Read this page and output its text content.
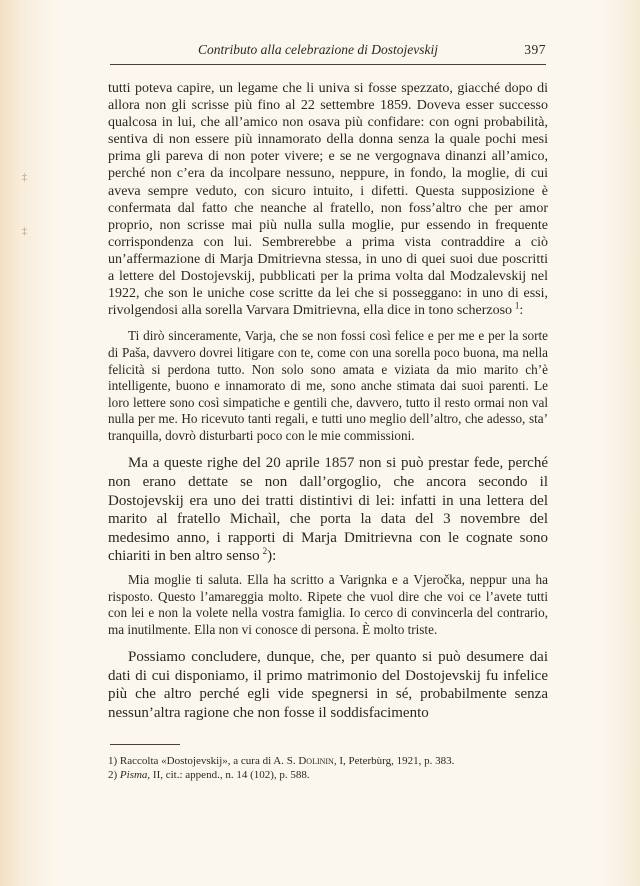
‡
‡
Contributo alla celebrazione di Dostojevskij	397

tutti poteva capire, un legame che li univa si fosse spezzato, giacché dopo di allora non gli scrisse più fino al 22 settembre 1859. Doveva esser successo qualcosa in lui, che all’amico non osava più confidare: con ogni probabilità, sentiva di non essere più innamorato della donna senza la quale pochi mesi prima gli pareva di non poter vivere; e se ne vergognava dinanzi all’amico, perché non c’era da incolpare nessuno, neppure, in fondo, la moglie, di cui aveva sempre veduto, con sicuro intuito, i difetti. Questa supposizione è confermata dal fatto che neanche al fratello, non foss’altro che per amor proprio, non scrisse mai più nulla sulla moglie, pur essendo in frequente corrispondenza con lui. Sembrerebbe a prima vista contraddire a ciò un’affermazione di Marja Dmitrievna stessa, in uno di quei suoi due poscritti a lettere del Dostojevskij, pubblicati per la prima volta dal Modzalevskij nel 1922, che son le uniche cose scritte da lei che si posseggano: in uno di essi, rivolgendosi alla sorella Varvara Dmitrievna, ella dice in tono scherzoso  $^1$:

Ti dirò sinceramente, Varja, che se non fossi così felice e per me e per la sorte di Paša, davvero dovrei litigare con te, come con una sorella poco buona, ma nella felicità si perdona tutto. Non solo sono amata e viziata da mio marito ch’è intelligente, buono e innamorato di me, sono anche stimata dai suoi parenti. Le loro lettere sono così simpatiche e gentili che, davvero, tutto il resto ormai non val nulla per me. Ho ricevuto tanti regali, e tutti uno meglio dell’altro, che adesso, sta’ tranquilla, dovrò disturbarti poco con le mie commissioni.

Ma a queste righe del 20 aprile 1857 non si può prestar fede, perché non erano dettate se non dall’orgoglio, che ancora secondo il Dostojevskij era uno dei tratti distintivi di lei: infatti in una lettera del marito al fratello Michaìl, che porta la data del 3 novembre del medesimo anno, i rapporti di Marja Dmitrievna con le cognate sono chiariti in ben altro senso  $^2$):

Mia moglie ti saluta. Ella ha scritto a Varignka e a Vjeročka, neppur una ha risposto. Questo l’amareggia molto. Ripete che vuol dire che voi ce l’avete tutti con lei e non la volete nella vostra famiglia. Io cerco di convincerla del contrario, ma inutilmente. Ella non vi conosce di persona. È molto triste.

Possiamo concludere, dunque, che, per quanto si può desumere dai dati di cui disponiamo, il primo matrimonio del Dostojevskij fu infelice più che altro perché egli vide spegnersi in sé, probabilmente senza nessun’altra ragione che non fosse il soddisfacimento

1) Raccolta «Dostojevskij», a cura di A. S. Dolinin, I, Peterbùrg, 1921, p. 383.
2) Pisma, II, cit.: append., n. 14 (102), p. 588.
